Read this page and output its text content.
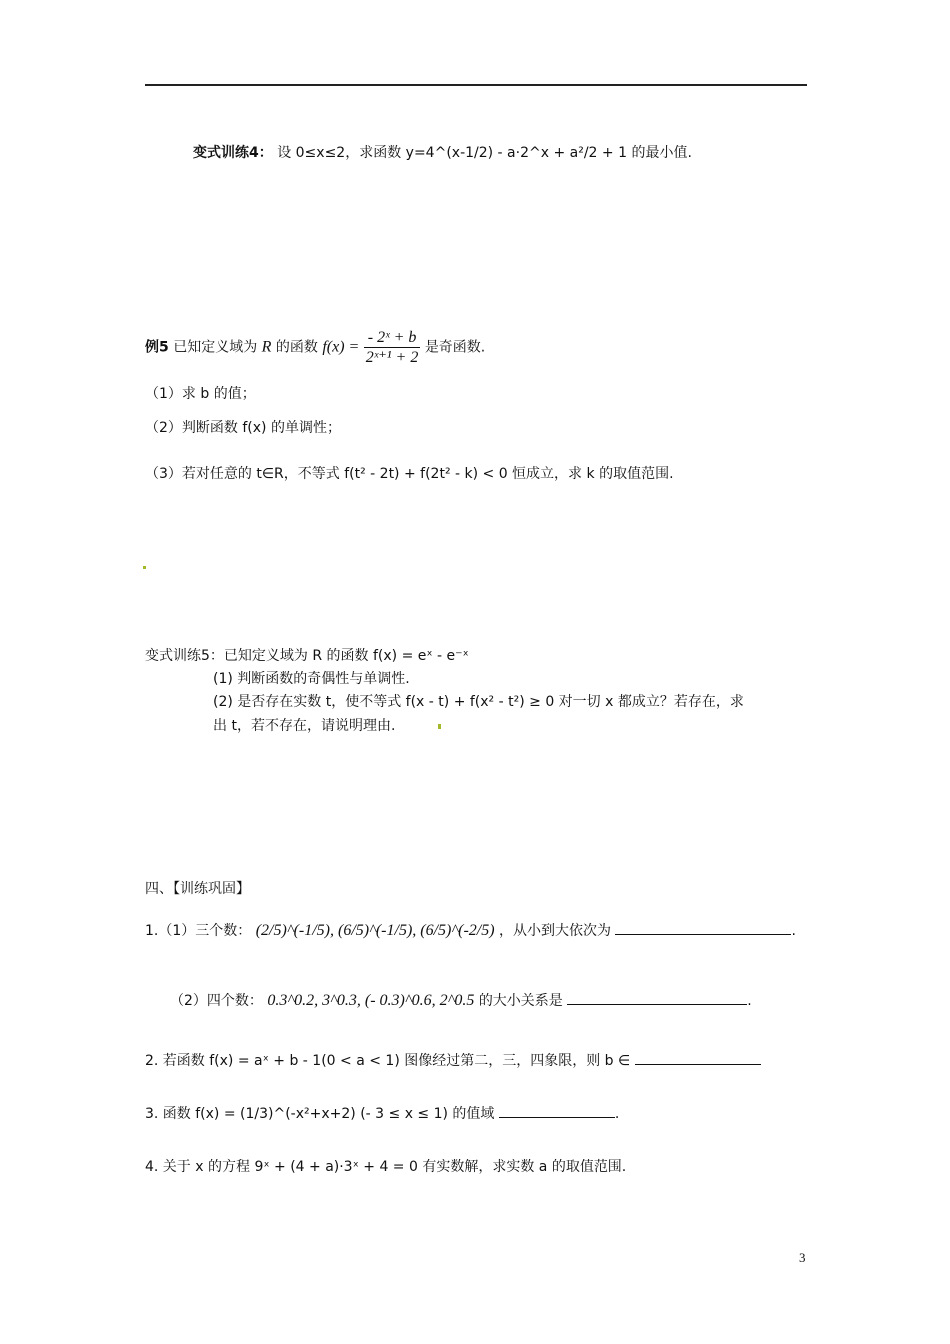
变式训练4： 设 0≤x≤2，求函数 y=4^(x-1/2) - a·2^x + a²/2 + 1 的最小值.
例5 已知定义域为 R 的函数 $f(x) = \frac{\text{- 2ˣ + b}}{\text{2ˣ⁺¹ + 2}}$ 是奇函数.
（1）求 b 的值；
（2）判断函数 f(x) 的单调性；
（3）若对任意的 t∈R，不等式 f(t² - 2t) + f(2t² - k) < 0 恒成立，求 k 的取值范围.
变式训练5：已知定义域为 R 的函数 f(x) = eˣ - e⁻ˣ
(1) 判断函数的奇偶性与单调性.
(2) 是否存在实数 t，使不等式 f(x - t) + f(x² - t²) ≥ 0 对一切 x 都成立？若存在，求
出 t，若不存在，请说明理由.
四、【训练巩固】
1.（1）三个数： (2/5)^(-1/5), (6/5)^(-1/5), (6/5)^(-2/5) ，从小到大依次为	.
（2）四个数： 0.3^0.2, 3^0.3, (- 0.3)^0.6, 2^0.5 的大小关系是	.
2. 若函数 f(x) = aˣ + b - 1(0 < a < 1) 图像经过第二，三，四象限，则 b ∈
3. 函数 f(x) = (1/3)^(-x²+x+2) (- 3 ≤ x ≤ 1) 的值域	.
4. 关于 x 的方程 9ˣ + (4 + a)·3ˣ + 4 = 0 有实数解，求实数 a 的取值范围.
3
